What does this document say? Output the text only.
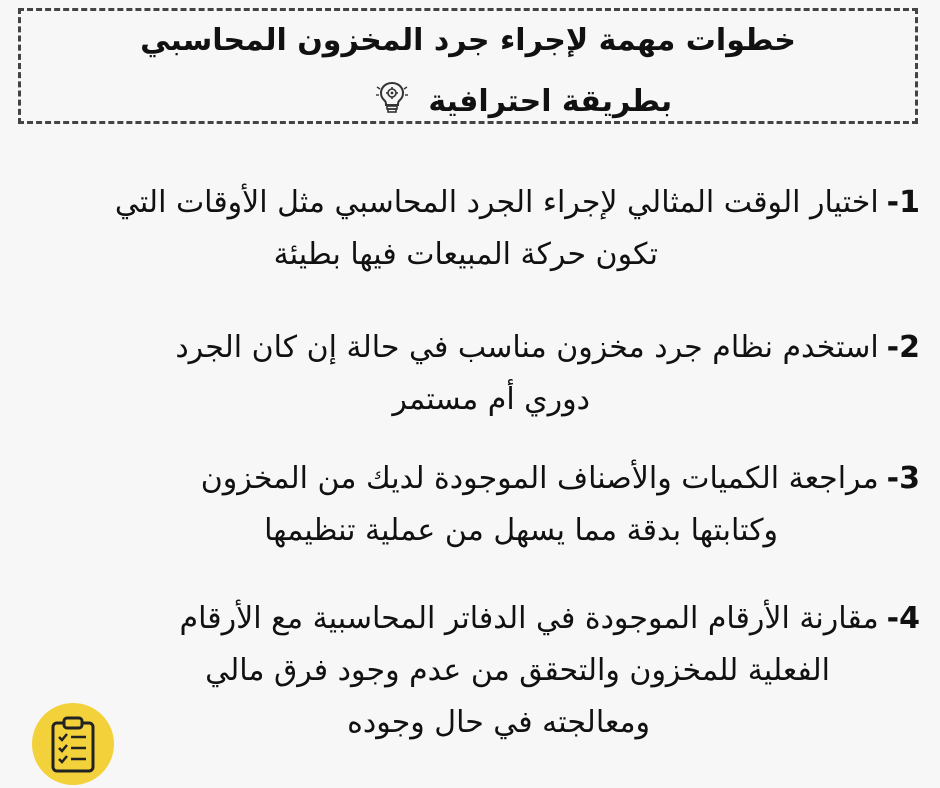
خطوات مهمة لإجراء جرد المخزون المحاسبي
بطريقة احترافية
1-اختيار الوقت المثالي لإجراء الجرد المحاسبي مثل الأوقات التي
تكون حركة المبيعات فيها بطيئة
2-استخدم نظام جرد مخزون مناسب في حالة إن كان الجرد
دوري أم مستمر
3-مراجعة الكميات والأصناف الموجودة لديك من المخزون
وكتابتها بدقة مما يسهل من عملية تنظيمها
4-مقارنة الأرقام الموجودة في الدفاتر المحاسبية مع الأرقام
الفعلية للمخزون والتحقق من عدم وجود فرق مالي
ومعالجته في حال وجوده
